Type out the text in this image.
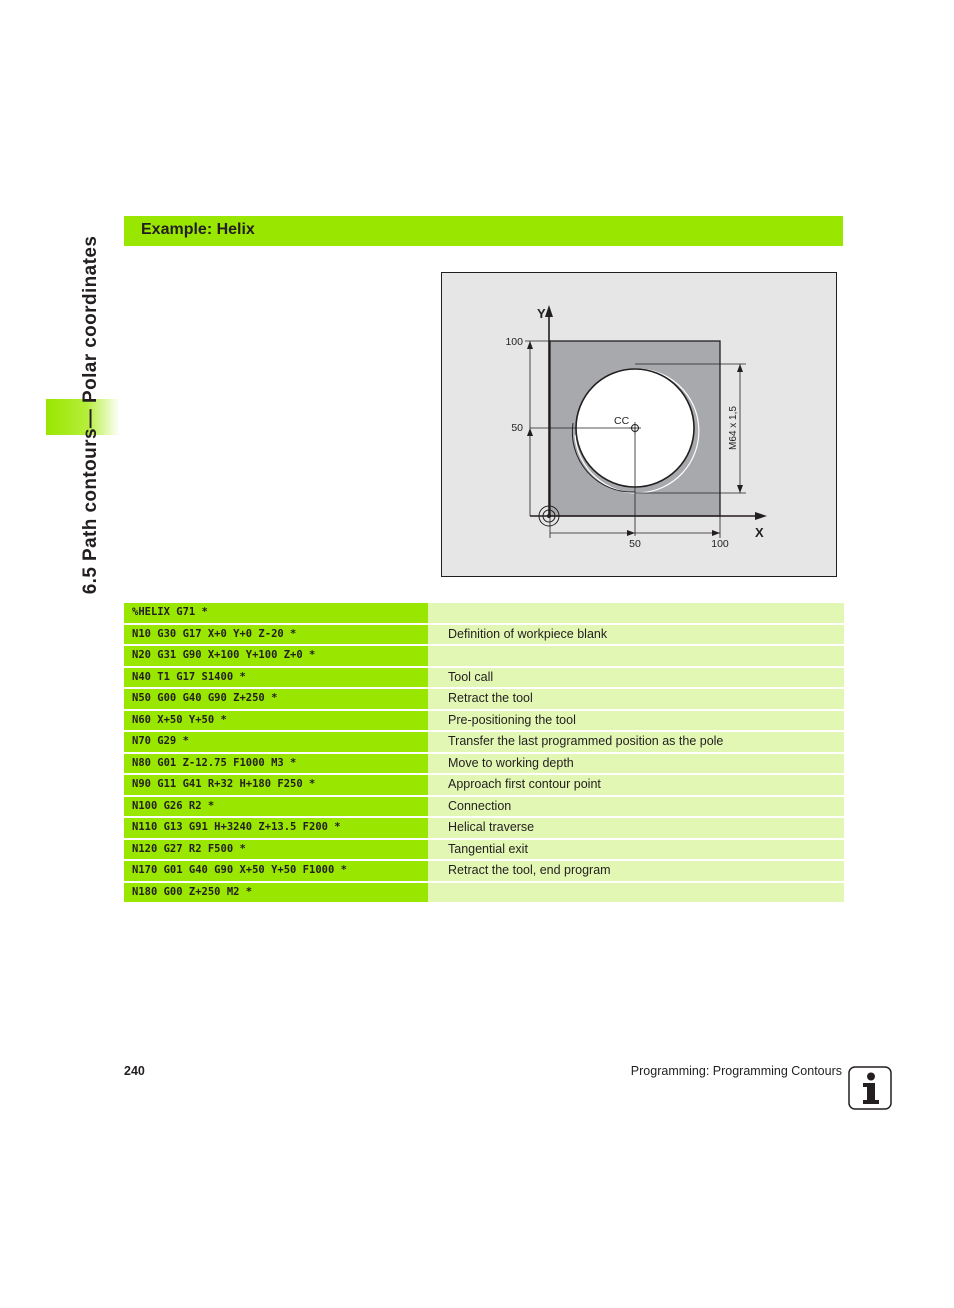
6.5 Path contours— Polar coordinates
Example: Helix
Y
X
100
50
50	100
CC	M64 x 1,5
%HELIX G71 *
N10 G30 G17 X+0 Y+0 Z-20 *	Definition of workpiece blank
N20 G31 G90 X+100 Y+100 Z+0 *
N40 T1 G17 S1400 *	Tool call
N50 G00 G40 G90 Z+250 *	Retract the tool
N60 X+50 Y+50 *	Pre-positioning the tool
N70 G29 *	Transfer the last programmed position as the pole
N80 G01 Z-12.75 F1000 M3 *	Move to working depth
N90 G11 G41 R+32 H+180 F250 *	Approach first contour point
N100 G26 R2 *	Connection
N110 G13 G91 H+3240 Z+13.5 F200 *	Helical traverse
N120 G27 R2 F500 *	Tangential exit
N170 G01 G40 G90 X+50 Y+50 F1000 *	Retract the tool, end program
N180 G00 Z+250 M2 *
240	Programming: Programming Contours
